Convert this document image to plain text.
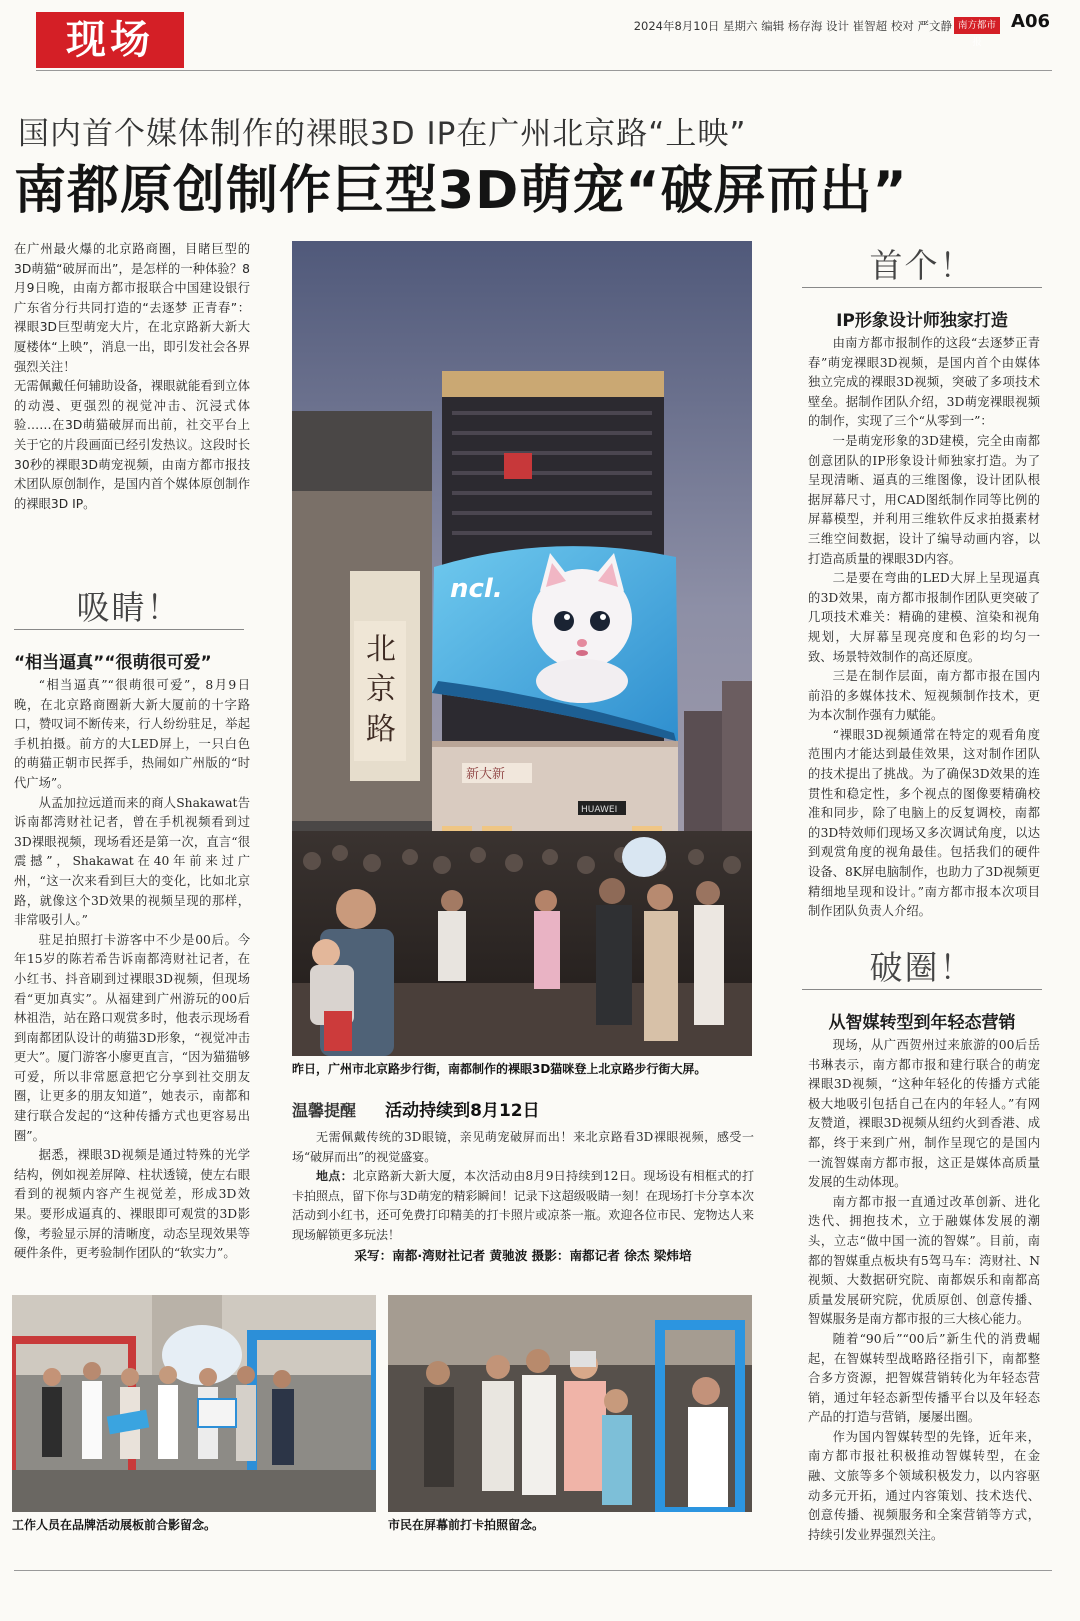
现场	2024年8月10日 星期六 编辑 杨存海 设计 崔智超 校对 严文静 南方都市报
A06
国内首个媒体制作的裸眼3D IP在广州北京路“上映”
南都原创制作巨型3D萌宠“破屏而出”

在广州最火爆的北京路商圈，目睹巨型的3D萌猫“破屏而出”，是怎样的一种体验？8月9日晚，由南方都市报联合中国建设银行广东省分行共同打造的“去逐梦 正青春”：裸眼3D巨型萌宠大片，在北京路新大新大厦楼体“上映”，消息一出，即引发社会各界强烈关注！

无需佩戴任何辅助设备，裸眼就能看到立体的动漫、更强烈的视觉冲击、沉浸式体验……在3D萌猫破屏而出前，社交平台上关于它的片段画面已经引发热议。这段时长30秒的裸眼3D萌宠视频，由南方都市报技术团队原创制作，是国内首个媒体原创制作的裸眼3D IP。

吸睛！
“相当逼真”“很萌很可爱”

“相当逼真”“很萌很可爱”，8月9日晚，在北京路商圈新大新大厦前的十字路口，赞叹词不断传来，行人纷纷驻足，举起手机拍摄。前方的大LED屏上，一只白色的萌猫正朝市民挥手，热闹如广州版的“时代广场”。

从孟加拉远道而来的商人Shakawat告诉南都湾财社记者，曾在手机视频看到过3D裸眼视频，现场看还是第一次，直言“很震撼”，Shakawat在40年前来过广州，“这一次来看到巨大的变化，比如北京路，就像这个3D效果的视频呈现的那样，非常吸引人。”

驻足拍照打卡游客中不少是00后。今年15岁的陈若希告诉南都湾财社记者，在小红书、抖音刷到过裸眼3D视频，但现场看“更加真实”。从福建到广州游玩的00后林祖浩，站在路口观赏多时，他表示现场看到南都团队设计的萌猫3D形象，“视觉冲击更大”。厦门游客小廖更直言，“因为猫猫够可爱，所以非常愿意把它分享到社交朋友圈，让更多的朋友知道”，她表示，南都和建行联合发起的“这种传播方式也更容易出圈”。

据悉，裸眼3D视频是通过特殊的光学结构，例如视差屏障、柱状透镜，使左右眼看到的视频内容产生视觉差，形成3D效果。要形成逼真的、裸眼即可观赏的3D影像，考验显示屏的清晰度，动态呈现效果等硬件条件，更考验制作团队的“软实力”。

ncl.
新大新
HUAWEI
北京路
昨日，广州市北京路步行街，南都制作的裸眼3D猫咪登上北京路步行街大屏。
温馨提醒 活动持续到8月12日

无需佩戴传统的3D眼镜，亲见萌宠破屏而出！来北京路看3D裸眼视频，感受一场“破屏而出”的视觉盛宴。

地点：北京路新大新大厦，本次活动由8月9日持续到12日。现场设有相框式的打卡拍照点，留下你与3D萌宠的精彩瞬间！记录下这超级吸睛一刻！在现场打卡分享本次活动到小红书，还可免费打印精美的打卡照片或凉茶一瓶。欢迎各位市民、宠物达人来现场解锁更多玩法！

采写：南都·湾财社记者 黄驰波 摄影：南都记者 徐杰 梁炜培
首个！
IP形象设计师独家打造

由南方都市报制作的这段“去逐梦正青春”萌宠裸眼3D视频，是国内首个由媒体独立完成的裸眼3D视频，突破了多项技术壁垒。据制作团队介绍，3D萌宠裸眼视频的制作，实现了三个“从零到一”：

一是萌宠形象的3D建模，完全由南都创意团队的IP形象设计师独家打造。为了呈现清晰、逼真的三维图像，设计团队根据屏幕尺寸，用CAD图纸制作同等比例的屏幕模型，并利用三维软件反求拍摄素材三维空间数据，设计了编导动画内容，以打造高质量的裸眼3D内容。

二是要在弯曲的LED大屏上呈现逼真的3D效果，南方都市报制作团队更突破了几项技术难关：精确的建模、渲染和视角规划，大屏幕呈现亮度和色彩的均匀一致、场景特效制作的高还原度。

三是在制作层面，南方都市报在国内前沿的多媒体技术、短视频制作技术，更为本次制作强有力赋能。

“裸眼3D视频通常在特定的观看角度范围内才能达到最佳效果，这对制作团队的技术提出了挑战。为了确保3D效果的连贯性和稳定性，多个视点的图像要精确校准和同步，除了电脑上的反复调校，南都的3D特效师们现场又多次调试角度，以达到观赏角度的视角最佳。包括我们的硬件设备、8K屏电脑制作，也助力了3D视频更精细地呈现和设计。”南方都市报本次项目制作团队负责人介绍。

破圈！
从智媒转型到年轻态营销

现场，从广西贺州过来旅游的00后岳书琳表示，南方都市报和建行联合的萌宠裸眼3D视频，“这种年轻化的传播方式能极大地吸引包括自己在内的年轻人。”有网友赞道，裸眼3D视频从纽约火到香港、成都，终于来到广州，制作呈现它的是国内一流智媒南方都市报，这正是媒体高质量发展的生动体现。

南方都市报一直通过改革创新、进化迭代、拥抱技术，立于融媒体发展的潮头，立志“做中国一流的智媒”。目前，南都的智媒重点板块有5驾马车：湾财社、N视频、大数据研究院、南都娱乐和南都高质量发展研究院，优质原创、创意传播、智媒服务是南方都市报的三大核心能力。

随着“90后”“00后”新生代的消费崛起，在智媒转型战略路径指引下，南都整合多方资源，把智媒营销转化为年轻态营销，通过年轻态新型传播平台以及年轻态产品的打造与营销，屡屡出圈。

作为国内智媒转型的先锋，近年来，南方都市报社积极推动智媒转型，在金融、文旅等多个领域积极发力，以内容驱动多元开拓，通过内容策划、技术迭代、创意传播、视频服务和全案营销等方式，持续引发业界强烈关注。

工作人员在品牌活动展板前合影留念。	市民在屏幕前打卡拍照留念。
